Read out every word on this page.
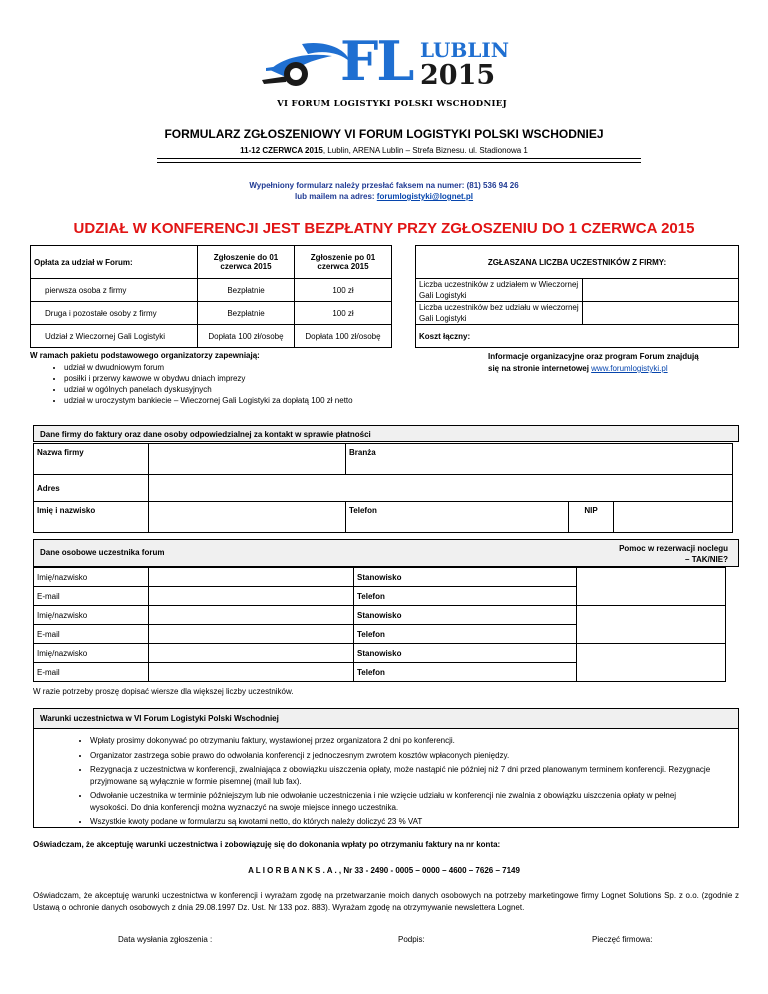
FL LUBLIN
2015
VI FORUM LOGISTYKI POLSKI WSCHODNIEJ
FORMULARZ ZGŁOSZENIOWY VI FORUM LOGISTYKI POLSKI WSCHODNIEJ
11-12 CZERWCA 2015, Lublin, ARENA Lublin – Strefa Biznesu. ul. Stadionowa 1
Wypełniony formularz należy przesłać faksem na numer: (81) 536 94 26
lub mailem na adres: forumlogistyki@lognet.pl
UDZIAŁ W KONFERENCJI JEST BEZPŁATNY PRZY ZGŁOSZENIU DO 1 CZERWCA 2015
Opłata za udział w Forum:	Zgłoszenie do 01 czerwca 2015	Zgłoszenie po 01 czerwca 2015
pierwsza osoba z firmy	Bezpłatnie	100 zł
Druga i pozostałe osoby z firmy	Bezpłatnie	100 zł
Udział z Wieczornej Gali Logistyki	Dopłata 100 zł/osobę	Dopłata 100 zł/osobę
ZGŁASZANA LICZBA UCZESTNIKÓW Z FIRMY:	
Liczba uczestników z udziałem w Wieczornej Gali Logistyki	
Liczba uczestników bez udziału w wieczornej Gali Logistyki	
Koszt łączny:	
W ramach pakietu podstawowego organizatorzy zapewniają:
• udział w dwudniowym forum
• posiłki i przerwy kawowe w obydwu dniach imprezy
• udział w ogólnych panelach dyskusyjnych
• udział w uroczystym bankiecie – Wieczornej Gali Logistyki za dopłatą 100 zł netto
Informacje organizacyjne oraz program Forum znajdują
się na stronie internetowej www.forumlogistyki.pl
Dane firmy do faktury oraz dane osoby odpowiedzialnej za kontakt w sprawie płatności
Nazwa firmy		Branża		
Adres				
Imię i nazwisko		Telefon	NIP	
Dane osobowe uczestnika forum	Pomoc w rezerwacji noclegu
– TAK/NIE?
Imię/nazwisko		Stanowisko	
E-mail		Telefon	
Imię/nazwisko		Stanowisko	
E-mail		Telefon	
Imię/nazwisko		Stanowisko	
E-mail		Telefon	
W razie potrzeby proszę dopisać wiersze dla większej liczby uczestników.
Warunki uczestnictwa w VI Forum Logistyki Polski Wschodniej
• Wpłaty prosimy dokonywać po otrzymaniu faktury, wystawionej przez organizatora 2 dni po konferencji.
• Organizator zastrzega sobie prawo do odwołania konferencji z jednoczesnym zwrotem kosztów wpłaconych pieniędzy.
• Rezygnacja z uczestnictwa w konferencji, zwalniająca z obowiązku uiszczenia opłaty, może nastąpić nie później niż 7 dni przed planowanym terminem konferencji. Rezygnacje przyjmowane są wyłącznie w formie pisemnej (mail lub fax).
• Odwołanie uczestnika w terminie późniejszym lub nie odwołanie uczestniczenia i nie wzięcie udziału w konferencji nie zwalnia z obowiązku uiszczenia opłaty w pełnej wysokości. Do dnia konferencji można wyznaczyć na swoje miejsce innego uczestnika.
• Wszystkie kwoty podane w formularzu są kwotami netto, do których należy doliczyć 23 % VAT
Oświadczam, że akceptuję warunki uczestnictwa i zobowiązuję się do dokonania wpłaty po otrzymaniu faktury na nr konta:
A L I O R B A N K S . A . , Nr 33 - 2490 - 0005 – 0000 – 4600 – 7626 – 7149
Oświadczam, że akceptuję warunki uczestnictwa w konferencji i wyrażam zgodę na przetwarzanie moich danych osobowych na potrzeby marketingowe firmy Lognet Solutions Sp. z o.o. (zgodnie z Ustawą o ochronie danych osobowych z dnia 29.08.1997 Dz. Ust. Nr 133 poz. 883). Wyrażam zgodę na otrzymywanie newslettera Lognet.
Data wysłania zgłoszenia :	Podpis:	Pieczęć firmowa:
